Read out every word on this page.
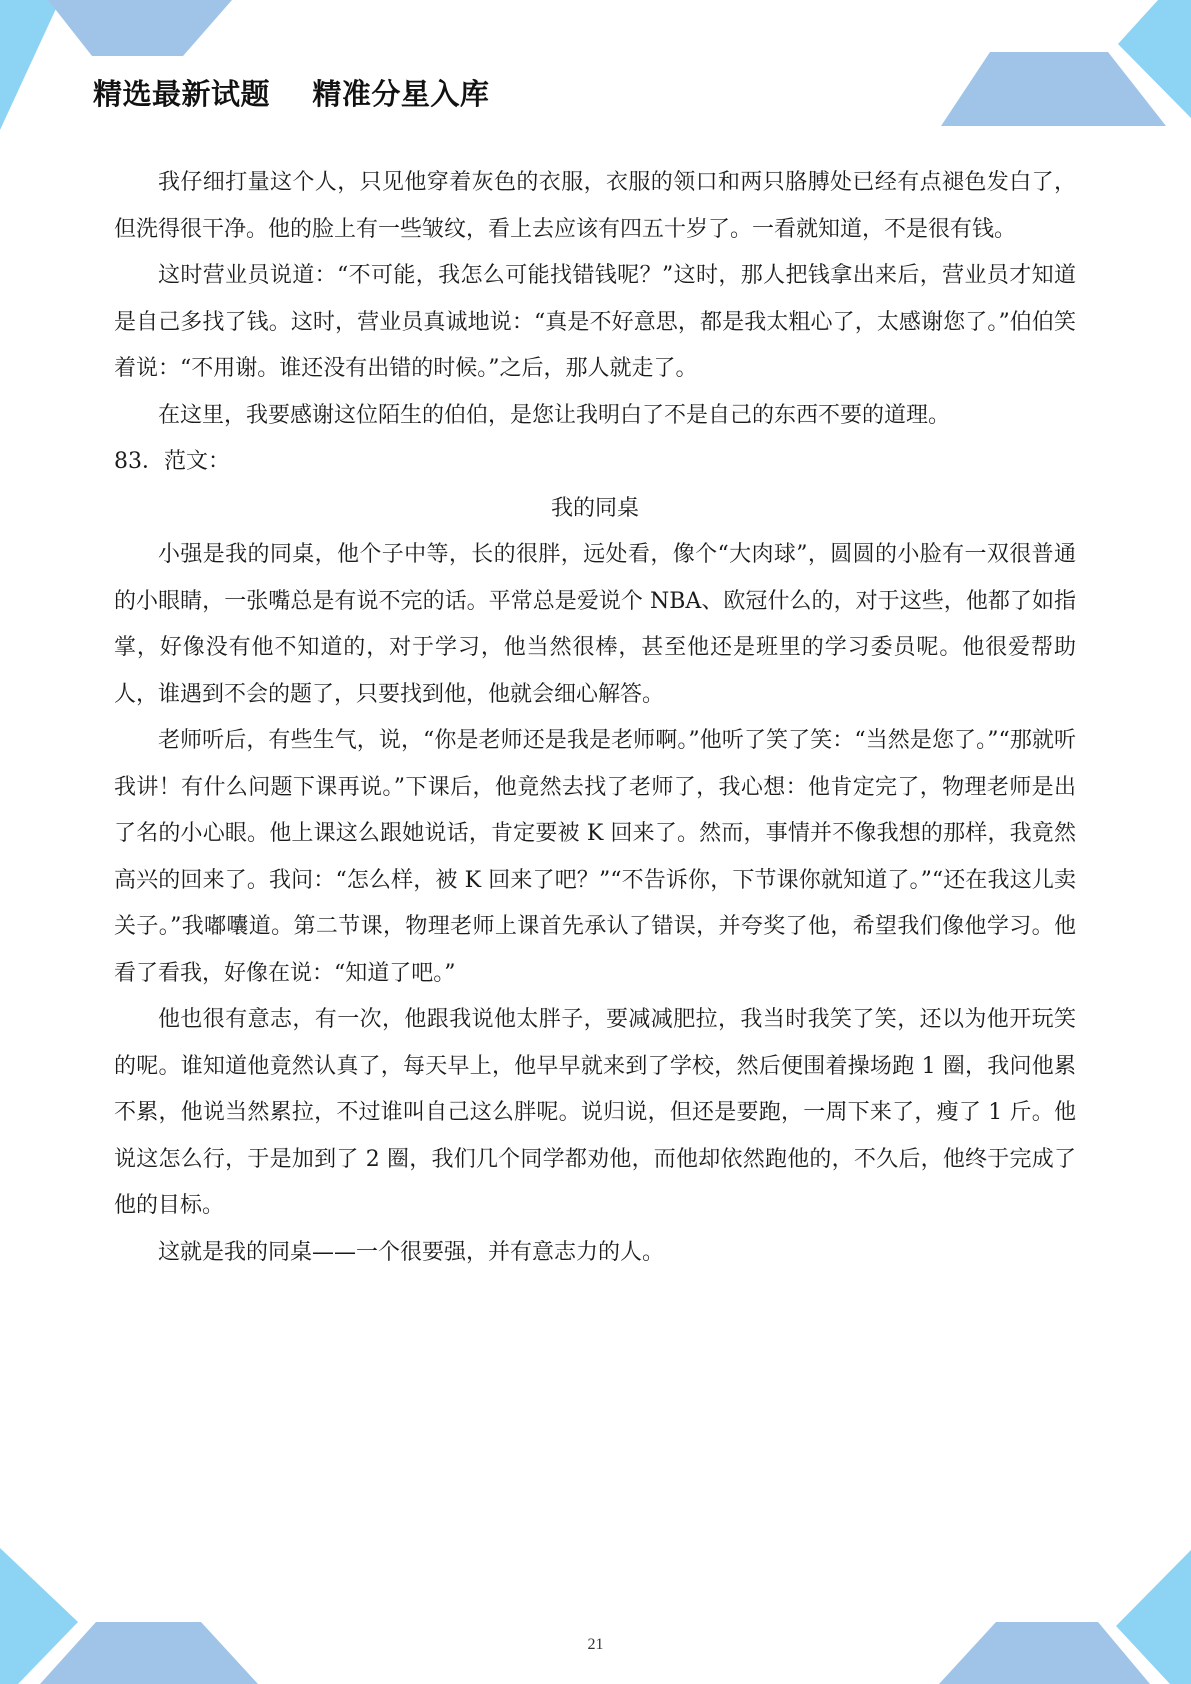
精选最新试题    精准分星入库

我仔细打量这个人，只见他穿着灰色的衣服，衣服的领口和两只胳膊处已经有点褪色发白了，但洗得很干净。他的脸上有一些皱纹，看上去应该有四五十岁了。一看就知道，不是很有钱。

这时营业员说道：“不可能，我怎么可能找错钱呢？”这时，那人把钱拿出来后，营业员才知道是自己多找了钱。这时，营业员真诚地说：“真是不好意思，都是我太粗心了，太感谢您了。”伯伯笑着说：“不用谢。谁还没有出错的时候。”之后，那人就走了。

在这里，我要感谢这位陌生的伯伯，是您让我明白了不是自己的东西不要的道理。

83．范文：

我的同桌

小强是我的同桌，他个子中等，长的很胖，远处看，像个“大肉球”，圆圆的小脸有一双很普通的小眼睛，一张嘴总是有说不完的话。平常总是爱说个 NBA、欧冠什么的，对于这些，他都了如指掌，好像没有他不知道的，对于学习，他当然很棒，甚至他还是班里的学习委员呢。他很爱帮助人，谁遇到不会的题了，只要找到他，他就会细心解答。

老师听后，有些生气，说，“你是老师还是我是老师啊。”他听了笑了笑：“当然是您了。”“那就听我讲！有什么问题下课再说。”下课后，他竟然去找了老师了，我心想：他肯定完了，物理老师是出了名的小心眼。他上课这么跟她说话，肯定要被 K 回来了。然而，事情并不像我想的那样，我竟然高兴的回来了。我问：“怎么样，被 K 回来了吧？”“不告诉你，下节课你就知道了。”“还在我这儿卖关子。”我嘟囔道。第二节课，物理老师上课首先承认了错误，并夸奖了他，希望我们像他学习。他看了看我，好像在说：“知道了吧。”

他也很有意志，有一次，他跟我说他太胖子，要减减肥拉，我当时我笑了笑，还以为他开玩笑的呢。谁知道他竟然认真了，每天早上，他早早就来到了学校，然后便围着操场跑 1 圈，我问他累不累，他说当然累拉，不过谁叫自己这么胖呢。说归说，但还是要跑，一周下来了，瘦了 1 斤。他说这怎么行，于是加到了 2 圈，我们几个同学都劝他，而他却依然跑他的，不久后，他终于完成了他的目标。

这就是我的同桌——一个很要强，并有意志力的人。

21
